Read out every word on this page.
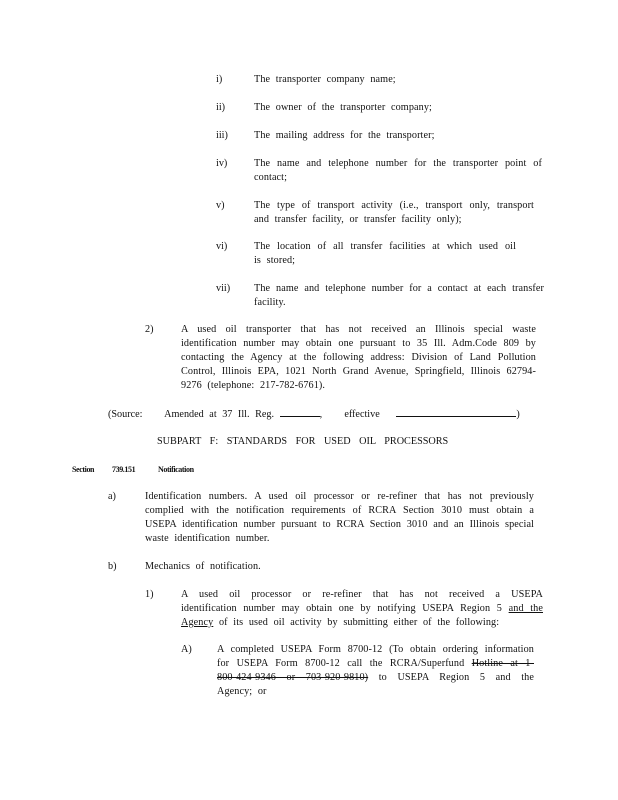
i)	The transporter company name;
ii)	The owner of the transporter company;
iii)	The mailing address for the transporter;
iv)	The name and telephone number for the transporter point of contact;
v)	The type of transport activity (i.e., transport only, transport and transfer facility, or transfer facility only);
vi)	The location of all transfer facilities at which used oil is stored;
vii) The name and telephone number for a contact at each transfer facility.
2)	A used oil transporter that has not received an Illinois special waste identification number may obtain one pursuant to 35 Ill. Adm.Code 809 by contacting the Agency at the following address: Division of Land Pollution Control, Illinois EPA, 1021 North Grand Avenue, Springfield, Illinois 62794-9276 (telephone: 217-782-6761).
(Source: Amended at 37 Ill. Reg.	, effective	)
SUBPART F: STANDARDS FOR USED OIL PROCESSORS
Section 739.151	Notification
a)	Identification numbers. A used oil processor or re-refiner that has not previously complied with the notification requirements of RCRA Section 3010 must obtain a USEPA identification number pursuant to RCRA Section 3010 and an Illinois special waste identification number.
b)	Mechanics of notification.
1)	A used oil processor or re-refiner that has not received a USEPA identification number may obtain one by notifying USEPA Region 5 and the Agency of its used oil activity by submitting either of the following:
A) A completed USEPA Form 8700-12 (To obtain ordering information for USEPA Form 8700-12 call the RCRA/Superfund Hotline at 1-800-424-9346 or 703-920-9810) to USEPA Region 5 and the Agency; or
